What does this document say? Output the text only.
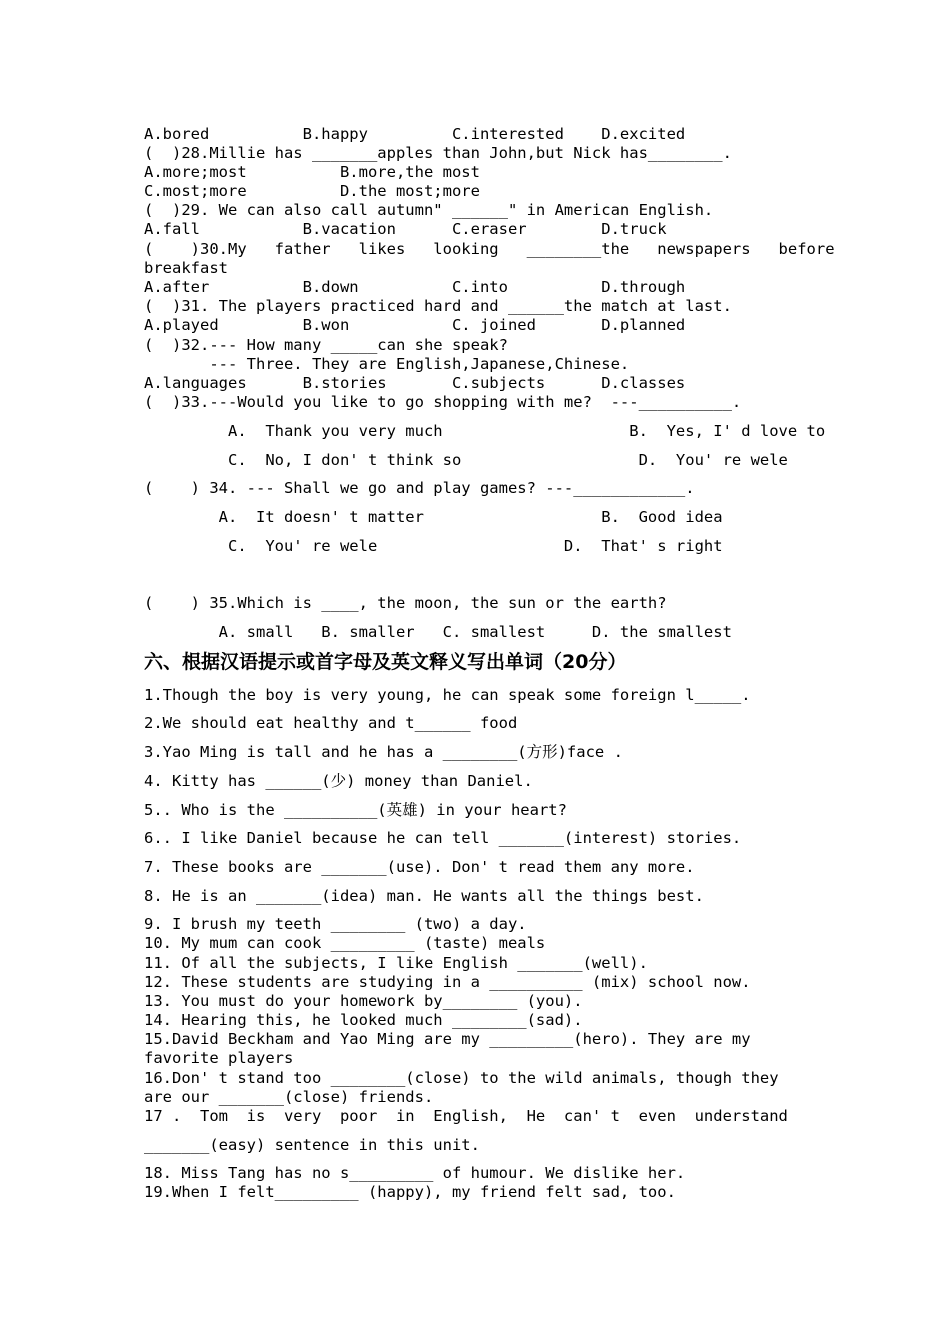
A.bored          B.happy         C.interested    D.excited
(  )28.Millie has _______apples than John,but Nick has________.
A.more;most          B.more,the most
C.most;more          D.the most;more
(  )29. We can also call autumn" ______" in American English.
A.fall           B.vacation      C.eraser        D.truck
(    )30.My   father   likes   looking   ________the   newspapers   before
breakfast
A.after          B.down          C.into          D.through
(  )31. The players practiced hard and ______the match at last.
A.played         B.won           C. joined       D.planned
(  )32.--- How many _____can she speak?
--- Three. They are English,Japanese,Chinese.
A.languages      B.stories       C.subjects      D.classes
(  )33.---Would you like to go shopping with me?  ---__________.
A.  Thank you very much                    B.  Yes, I' d love to
C.  No, I don' t think so                   D.  You' re wele
(    ) 34. --- Shall we go and play games? ---____________.
A.  It doesn' t matter                   B.  Good idea
C.  You' re wele                    D.  That' s right
(    ) 35.Which is ____, the moon, the sun or the earth?
A. small   B. smaller   C. smallest     D. the smallest
六、根据汉语提示或首字母及英文释义写出单词（20分）
1.Though the boy is very young, he can speak some foreign l_____.
2.We should eat healthy and t______ food
3.Yao Ming is tall and he has a ________(方形)face .
4. Kitty has ______(少) money than Daniel.
5.. Who is the __________(英雄) in your heart?
6.. I like Daniel because he can tell _______(interest) stories.
7. These books are _______(use). Don' t read them any more.
8. He is an _______(idea) man. He wants all the things best.
9. I brush my teeth ________ (two) a day.
10. My mum can cook _________ (taste) meals
11. Of all the subjects, I like English _______(well).
12. These students are studying in a __________ (mix) school now.
13. You must do your homework by________ (you).
14. Hearing this, he looked much ________(sad).
15.David Beckham and Yao Ming are my _________(hero). They are my
favorite players
16.Don' t stand too ________(close) to the wild animals, though they
are our _______(close) friends.
17 .  Tom  is  very  poor  in  English,  He  can' t  even  understand
_______(easy) sentence in this unit.
18. Miss Tang has no s_________ of humour. We dislike her.
19.When I felt_________ (happy), my friend felt sad, too.
